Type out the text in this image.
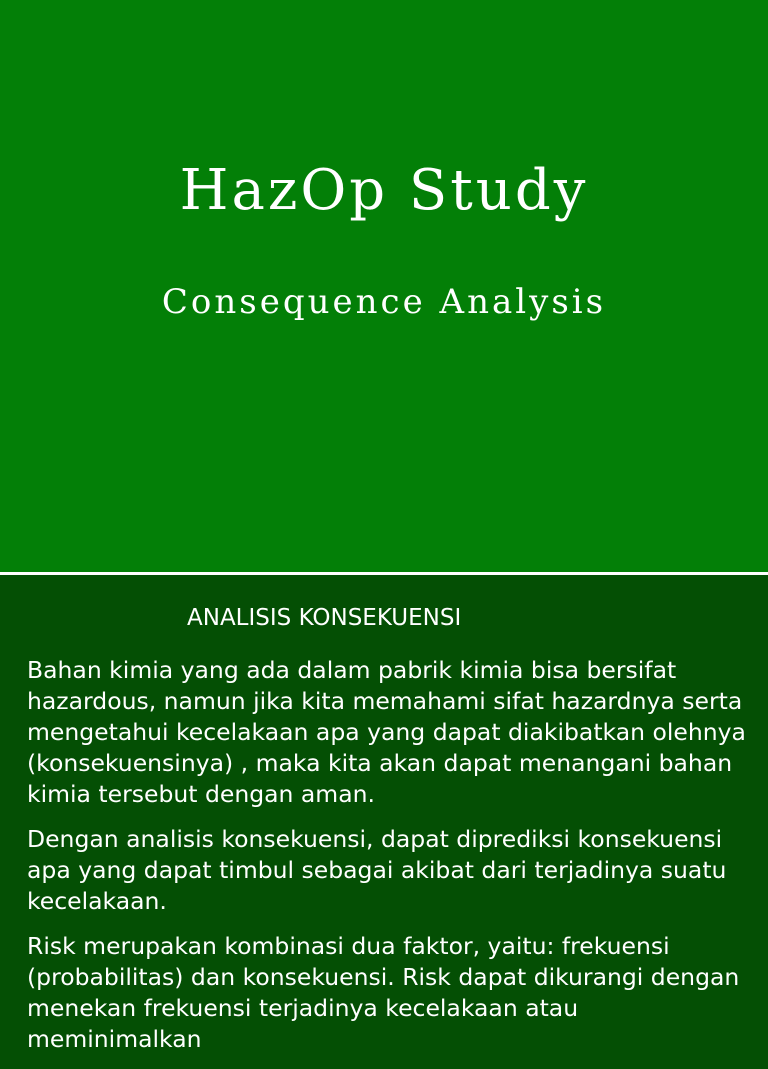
HazOp Study
Consequence Analysis
ANALISIS KONSEKUENSI

Bahan kimia yang ada dalam pabrik kimia bisa bersifat hazardous, namun jika kita memahami sifat hazardnya serta mengetahui kecelakaan apa yang dapat diakibatkan olehnya (konsekuensinya) , maka kita akan dapat menangani bahan kimia tersebut dengan aman.

Dengan analisis konsekuensi, dapat diprediksi konsekuensi apa yang dapat timbul sebagai akibat dari terjadinya suatu kecelakaan.

Risk merupakan kombinasi dua faktor, yaitu: frekuensi (probabilitas) dan konsekuensi. Risk dapat dikurangi dengan menekan frekuensi terjadinya kecelakaan atau meminimalkan
